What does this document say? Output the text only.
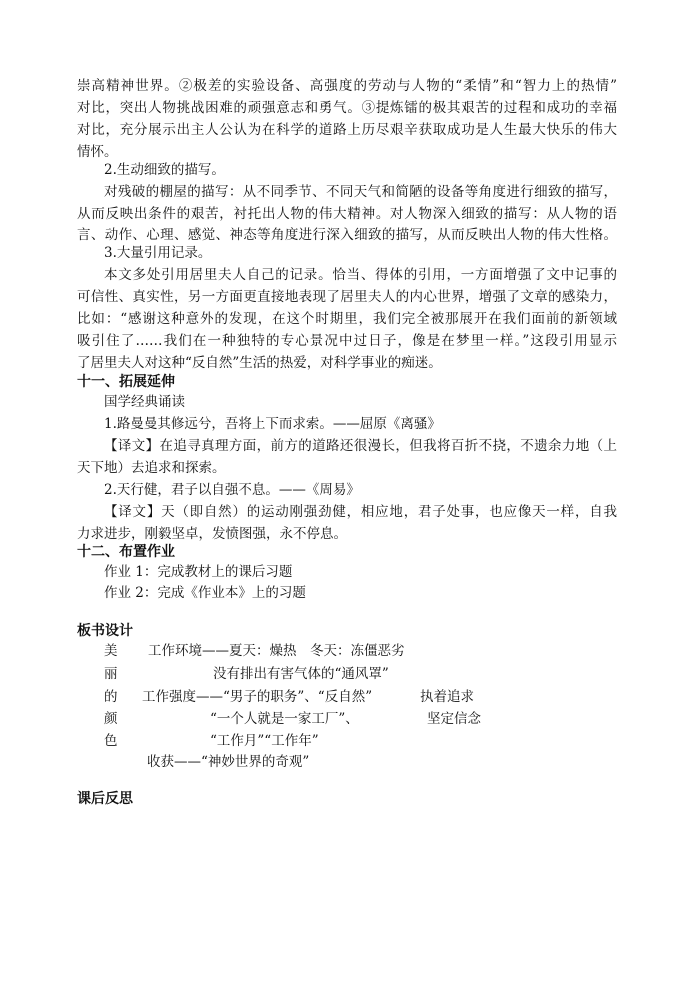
崇高精神世界。②极差的实验设备、高强度的劳动与人物的“柔情”和“智力上的热情”
对比，突出人物挑战困难的顽强意志和勇气。③提炼镭的极其艰苦的过程和成功的幸福
对比，充分展示出主人公认为在科学的道路上历尽艰辛获取成功是人生最大快乐的伟大
情怀。
2.生动细致的描写。
对残破的棚屋的描写：从不同季节、不同天气和简陋的设备等角度进行细致的描写，
从而反映出条件的艰苦，衬托出人物的伟大精神。对人物深入细致的描写：从人物的语
言、动作、心理、感觉、神态等角度进行深入细致的描写，从而反映出人物的伟大性格。
3.大量引用记录。
本文多处引用居里夫人自己的记录。恰当、得体的引用，一方面增强了文中记事的
可信性、真实性，另一方面更直接地表现了居里夫人的内心世界，增强了文章的感染力，
比如：“感谢这种意外的发现，在这个时期里，我们完全被那展开在我们面前的新领域
吸引住了……我们在一种独特的专心景况中过日子，像是在梦里一样。”这段引用显示
了居里夫人对这种“反自然”生活的热爱，对科学事业的痴迷。
十一、拓展延伸
国学经典诵读
1.路曼曼其修远兮，吾将上下而求索。——屈原《离骚》
【译文】在追寻真理方面，前方的道路还很漫长，但我将百折不挠，不遗余力地（上
天下地）去追求和探索。
2.天行健，君子以自强不息。——《周易》
【译文】天（即自然）的运动刚强劲健，相应地，君子处事，也应像天一样，自我
力求进步，刚毅坚卓，发愤图强，永不停息。
十二、布置作业
作业 1：完成教材上的课后习题
作业 2：完成《作业本》上的习题
板书设计
美
丽
的
颜
色
工作环境——夏天：燥热　冬天：冻僵恶劣
没有排出有害气体的“通风罩”
工作强度——“男子的职务”、“反自然”	执着追求
“一个人就是一家工厂”、	坚定信念
“工作月”“工作年”
收获——“神妙世界的奇观”
课后反思
